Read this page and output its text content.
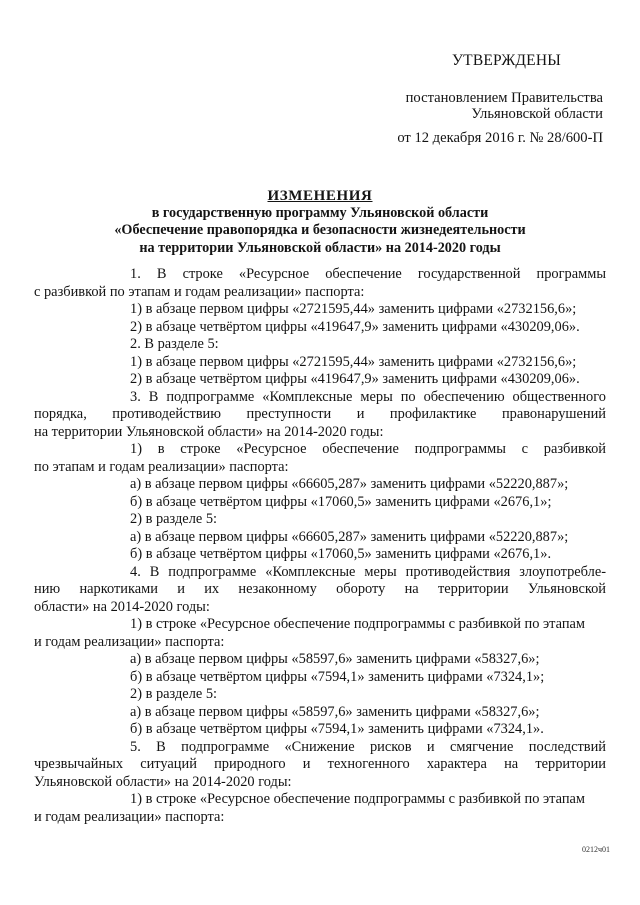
УТВЕРЖДЕНЫ
постановлением Правительства
Ульяновской области
от 12 декабря 2016 г. № 28/600-П
ИЗМЕНЕНИЯ
в государственную программу Ульяновской области
«Обеспечение правопорядка и безопасности жизнедеятельности
на территории Ульяновской области» на 2014-2020 годы
1. В строке «Ресурсное обеспечение государственной программы
с разбивкой по этапам и годам реализации» паспорта:
1) в абзаце первом цифры «2721595,44» заменить цифрами «2732156,6»;
2) в абзаце четвёртом цифры «419647,9» заменить цифрами «430209,06».
2. В разделе 5:
1) в абзаце первом цифры «2721595,44» заменить цифрами «2732156,6»;
2) в абзаце четвёртом цифры «419647,9» заменить цифрами «430209,06».
3. В подпрограмме «Комплексные меры по обеспечению общественного
порядка, противодействию преступности и профилактике правонарушений
на территории Ульяновской области» на 2014-2020 годы:
1) в строке «Ресурсное обеспечение подпрограммы с разбивкой
по этапам и годам реализации» паспорта:
а) в абзаце первом цифры «66605,287» заменить цифрами «52220,887»;
б) в абзаце четвёртом цифры «17060,5» заменить цифрами «2676,1»;
2) в разделе 5:
а) в абзаце первом цифры «66605,287» заменить цифрами «52220,887»;
б) в абзаце четвёртом цифры «17060,5» заменить цифрами «2676,1».
4. В подпрограмме «Комплексные меры противодействия злоупотребле-
нию наркотиками и их незаконному обороту на территории Ульяновской
области» на 2014-2020 годы:
1) в строке «Ресурсное обеспечение подпрограммы с разбивкой по этапам
и годам реализации» паспорта:
а) в абзаце первом цифры «58597,6» заменить цифрами «58327,6»;
б) в абзаце четвёртом цифры «7594,1» заменить цифрами «7324,1»;
2) в разделе 5:
а) в абзаце первом цифры «58597,6» заменить цифрами «58327,6»;
б) в абзаце четвёртом цифры «7594,1» заменить цифрами «7324,1».
5. В подпрограмме «Снижение рисков и смягчение последствий
чрезвычайных ситуаций природного и техногенного характера на территории
Ульяновской области» на 2014-2020 годы:
1) в строке «Ресурсное обеспечение подпрограммы с разбивкой по этапам
и годам реализации» паспорта:
0212ч01
